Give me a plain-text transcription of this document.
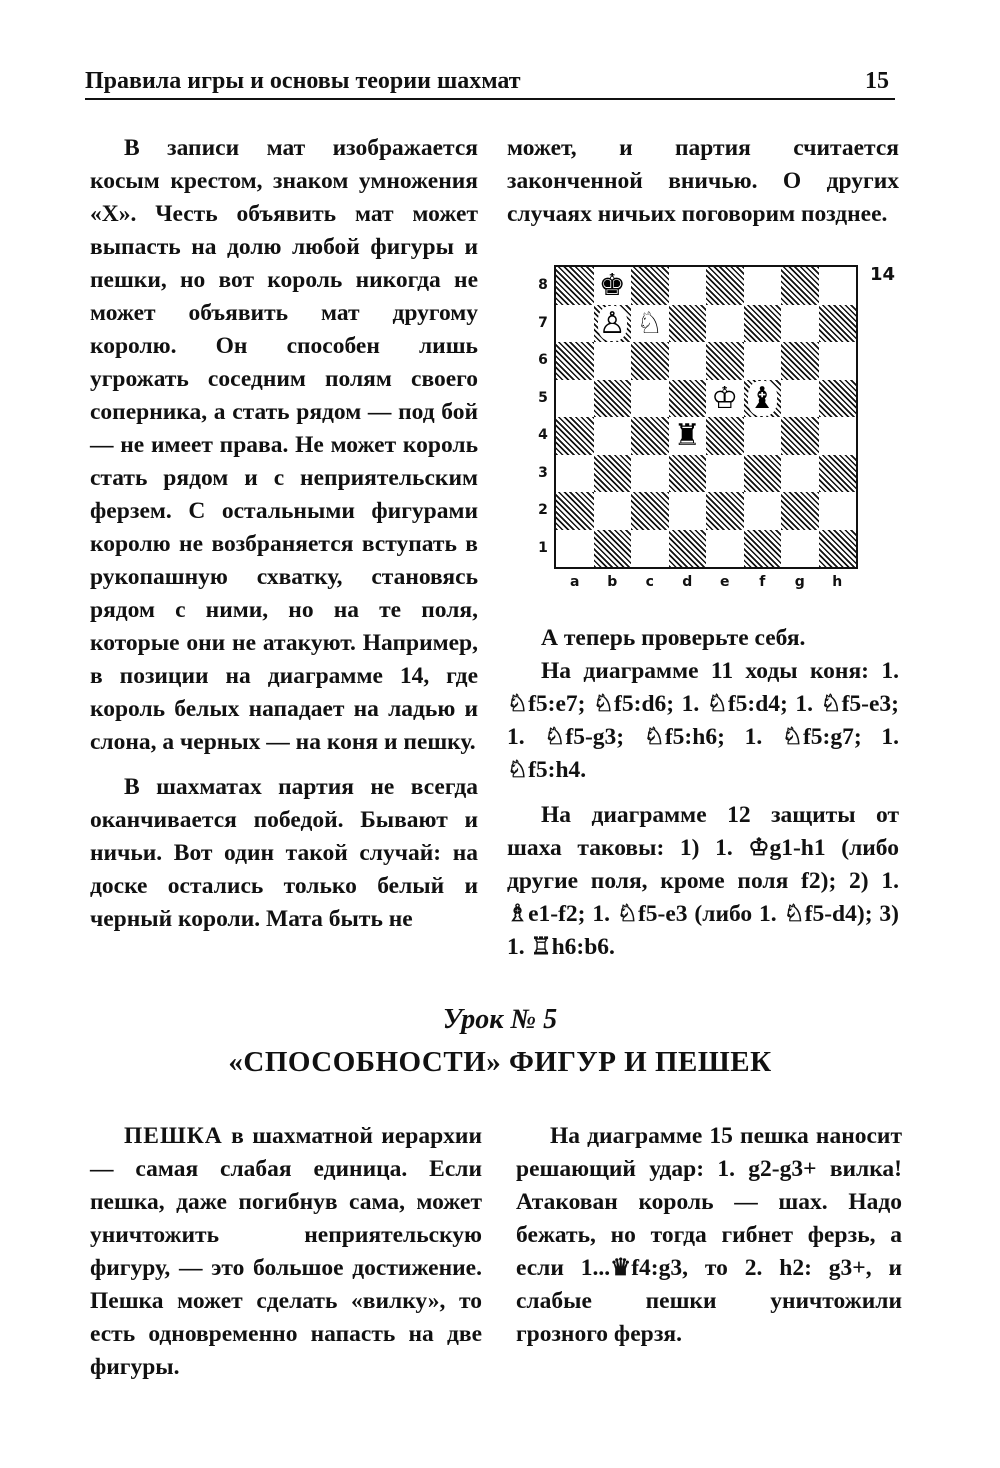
Правила игры и основы теории шахмат	15

В записи мат изображается косым крестом, знаком умножения «Х». Честь объявить мат может выпасть на долю любой фигуры и пешки, но вот король никогда не может объявить мат другому королю. Он способен лишь угрожать соседним полям своего соперника, а стать рядом — под бой — не имеет права. Не может король стать рядом и с неприятельским ферзем. С остальными фигурами королю не возбраняется вступать в рукопашную схватку, становясь рядом с ними, но на те поля, которые они не атакуют. Например, в позиции на диаграмме 14, где король белых нападает на ладью и слона, а черных — на коня и пешку.

В шахматах партия не всегда оканчивается победой. Бывают и ничьи. Вот один такой случай: на доске остались только белый и черный короли. Мата быть не

может, и партия считается законченной вничью. О других случаях ничьих поговорим позднее.

♚
♙ ♘
♔ ♝
♜
14
8
7
6
5
4
3
2
1
a	b	c	d	e	f	g	h

А теперь проверьте себя.

На диаграмме 11 ходы коня: 1. ♘f5:e7; ♘f5:d6; 1. ♘f5:d4; 1. ♘f5-e3; 1. ♘f5-g3; ♘f5:h6; 1. ♘f5:g7; 1. ♘f5:h4.

На диаграмме 12 защиты от шаха таковы: 1) 1. ♔g1-h1 (либо другие поля, кроме поля f2); 2) 1. ♗e1-f2; 1. ♘f5-e3 (либо 1. ♘f5-d4); 3) 1. ♖h6:b6.

Урок № 5
«СПОСОБНОСТИ» ФИГУР И ПЕШЕК

ПЕШКА в шахматной иерархии — самая слабая единица. Если пешка, даже погибнув сама, может уничтожить неприятельскую фигуру, — это большое достижение. Пешка может сделать «вилку», то есть одновременно напасть на две фигуры.

На диаграмме 15 пешка наносит решающий удар: 1. g2-g3+ вилка! Атакован король — шах. Надо бежать, но тогда гибнет ферзь, а если 1...♛f4:g3, то 2. h2: g3+, и слабые пешки уничтожили грозного ферзя.
